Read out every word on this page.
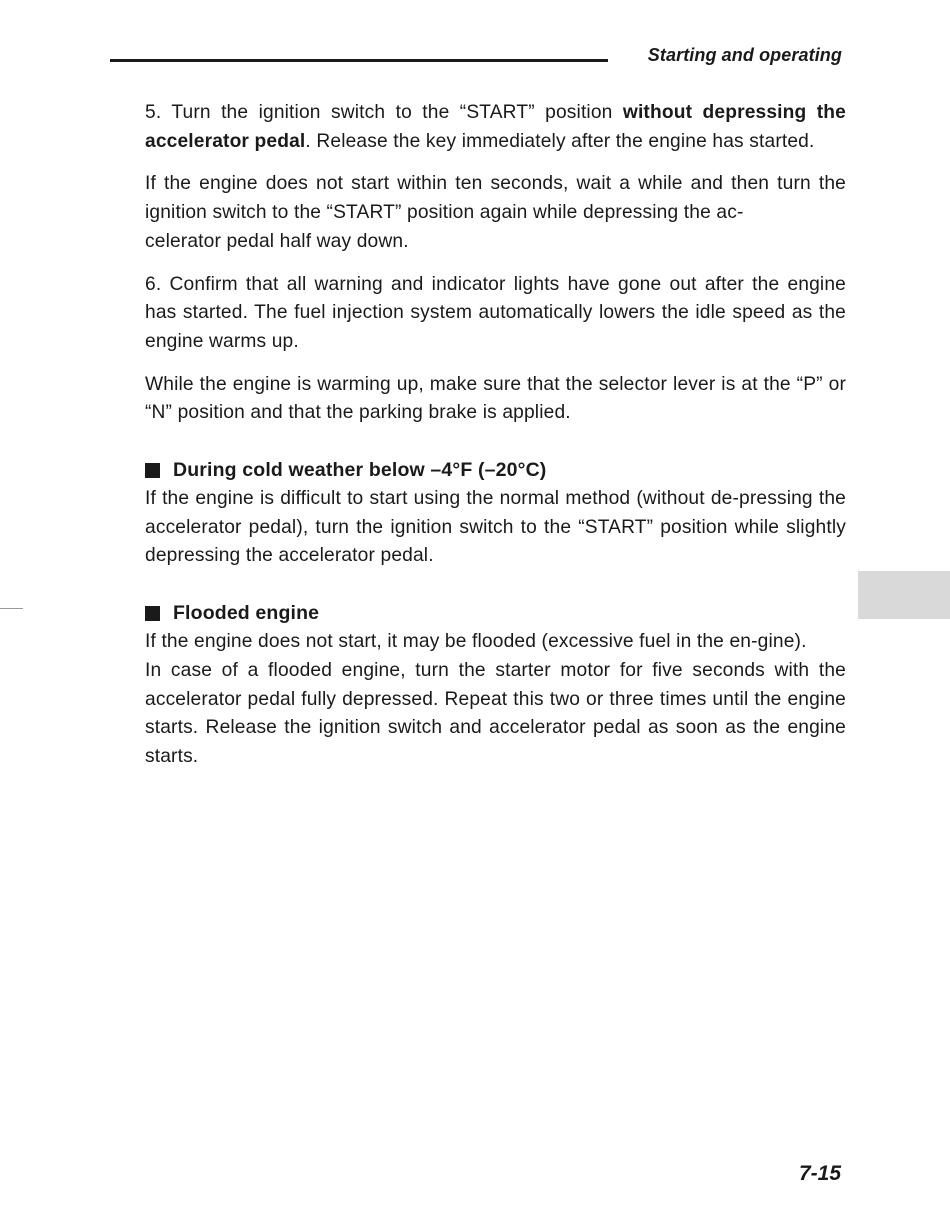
Starting and operating

5. Turn the ignition switch to the “START” position without depressing the accelerator pedal. Release the key immediately after the engine has started.

If the engine does not start within ten seconds, wait a while and then turn the ignition switch to the “START” position again while depressing the ac-
celerator pedal half way down.

6. Confirm that all warning and indicator lights have gone out after the engine has started. The fuel injection system automatically lowers the idle speed as the engine warms up.

While the engine is warming up, make sure that the selector lever is at the “P” or “N” position and that the parking brake is applied.

During cold weather below –4°F (–20°C)

If the engine is difficult to start using the normal method (without de-pressing the accelerator pedal), turn the ignition switch to the “START” position while slightly depressing the accelerator pedal.

Flooded engine

If the engine does not start, it may be flooded (excessive fuel in the en-gine).

In case of a flooded engine, turn the starter motor for five seconds with the accelerator pedal fully depressed. Repeat this two or three times until the engine starts. Release the ignition switch and accelerator pedal as soon as the engine starts.

7-15
